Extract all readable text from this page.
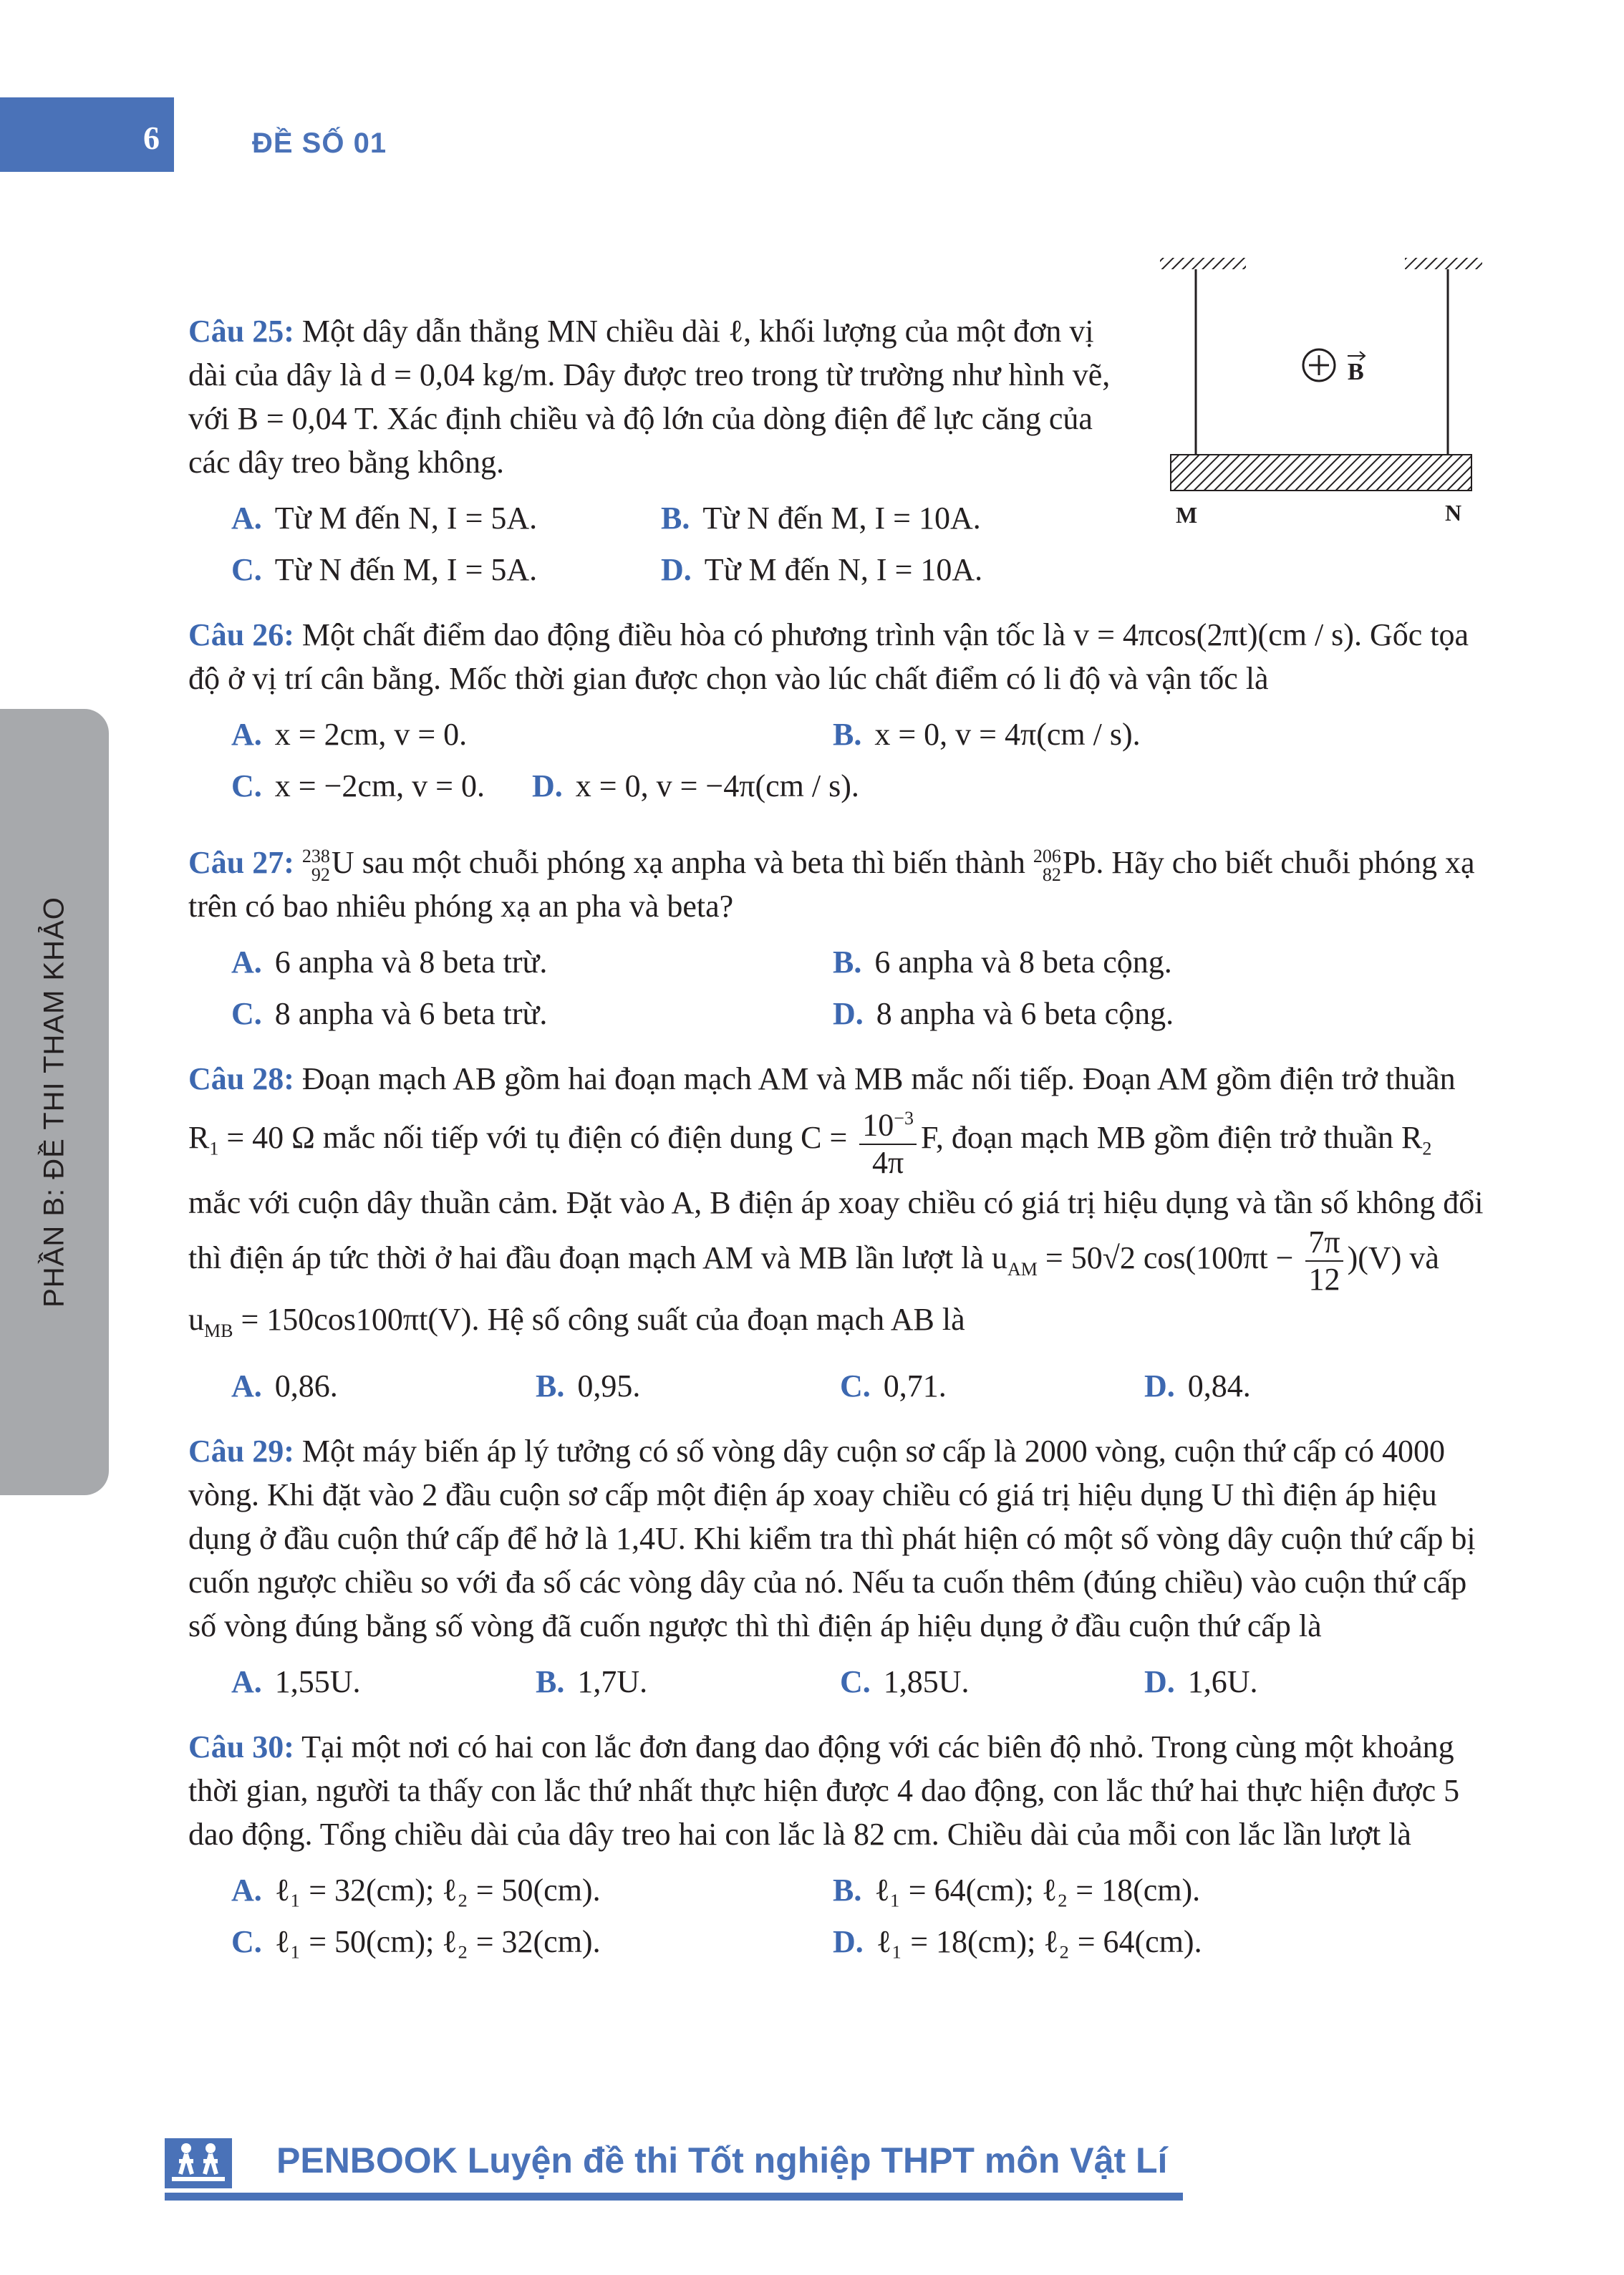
6	ĐỀ SỐ 01
PHẦN B: ĐỀ THI THAM KHẢO
B
M	N

Câu 25: Một dây dẫn thẳng MN chiều dài ℓ, khối lượng của một đơn vị dài của dây là d = 0,04 kg/m. Dây được treo trong từ trường như hình vẽ, với B = 0,04 T. Xác định chiều và độ lớn của dòng điện để lực căng của các dây treo bằng không.

A. Từ M đến N, I = 5A.	B. Từ N đến M, I = 10A.
C. Từ N đến M, I = 5A.	D. Từ M đến N, I = 10A.

Câu 26: Một chất điểm dao động điều hòa có phương trình vận tốc là v = 4πcos(2πt)(cm / s). Gốc tọa độ ở vị trí cân bằng. Mốc thời gian được chọn vào lúc chất điểm có li độ và vận tốc là

A. x = 2cm, v = 0.	B. x = 0, v = 4π(cm / s).
C. x = −2cm, v = 0.	D. x = 0, v = −4π(cm / s).

Câu 27: 238
92U sau một chuỗi phóng xạ anpha và beta thì biến thành 206
82Pb. Hãy cho biết chuỗi phóng xạ trên có bao nhiêu phóng xạ an pha và beta?

A. 6 anpha và 8 beta trừ.	B. 6 anpha và 8 beta cộng.
C. 8 anpha và 6 beta trừ.	D. 8 anpha và 6 beta cộng.

Câu 28: Đoạn mạch AB gồm hai đoạn mạch AM và MB mắc nối tiếp. Đoạn AM gồm điện trở thuần $R_1 = 40$ Ω mắc nối tiếp với tụ điện có điện dung $C = \frac{10^{-3}}{4\pi} F$, đoạn mạch MB gồm điện trở thuần $R_2$ mắc với cuộn dây thuần cảm. Đặt vào A, B điện áp xoay chiều có giá trị hiệu dụng và tần số không đổi thì điện áp tức thời ở hai đầu đoạn mạch AM và MB lần lượt là $u_{AM} = 50√2$ $\cos(100\pi t - \frac{7\pi}{12} )(V)$ và $u_{MB} = 150\cos 100\pi t(V)$. Hệ số công suất của đoạn mạch AB là

A. 0,86.	B. 0,95.	C. 0,71.	D. 0,84.

Câu 29: Một máy biến áp lý tưởng có số vòng dây cuộn sơ cấp là 2000 vòng, cuộn thứ cấp có 4000 vòng. Khi đặt vào 2 đầu cuộn sơ cấp một điện áp xoay chiều có giá trị hiệu dụng U thì điện áp hiệu dụng ở đầu cuộn thứ cấp để hở là 1,4U. Khi kiểm tra thì phát hiện có một số vòng dây cuộn thứ cấp bị cuốn ngược chiều so với đa số các vòng dây của nó. Nếu ta cuốn thêm (đúng chiều) vào cuộn thứ cấp số vòng đúng bằng số vòng đã cuốn ngược thì thì điện áp hiệu dụng ở đầu cuộn thứ cấp là

A. 1,55U.	B. 1,7U.	C. 1,85U.	D. 1,6U.

Câu 30: Tại một nơi có hai con lắc đơn đang dao động với các biên độ nhỏ. Trong cùng một khoảng thời gian, người ta thấy con lắc thứ nhất thực hiện được 4 dao động, con lắc thứ hai thực hiện được 5 dao động. Tổng chiều dài của dây treo hai con lắc là 82 cm. Chiều dài của mỗi con lắc lần lượt là

A. ℓ₁ = 32(cm); ℓ₂ = 50(cm).	B. ℓ₁ = 64(cm); ℓ₂ = 18(cm).
C. ℓ₁ = 50(cm); ℓ₂ = 32(cm).	D. ℓ₁ = 18(cm); ℓ₂ = 64(cm).
PENBOOK Luyện đề thi Tốt nghiệp THPT môn Vật Lí
